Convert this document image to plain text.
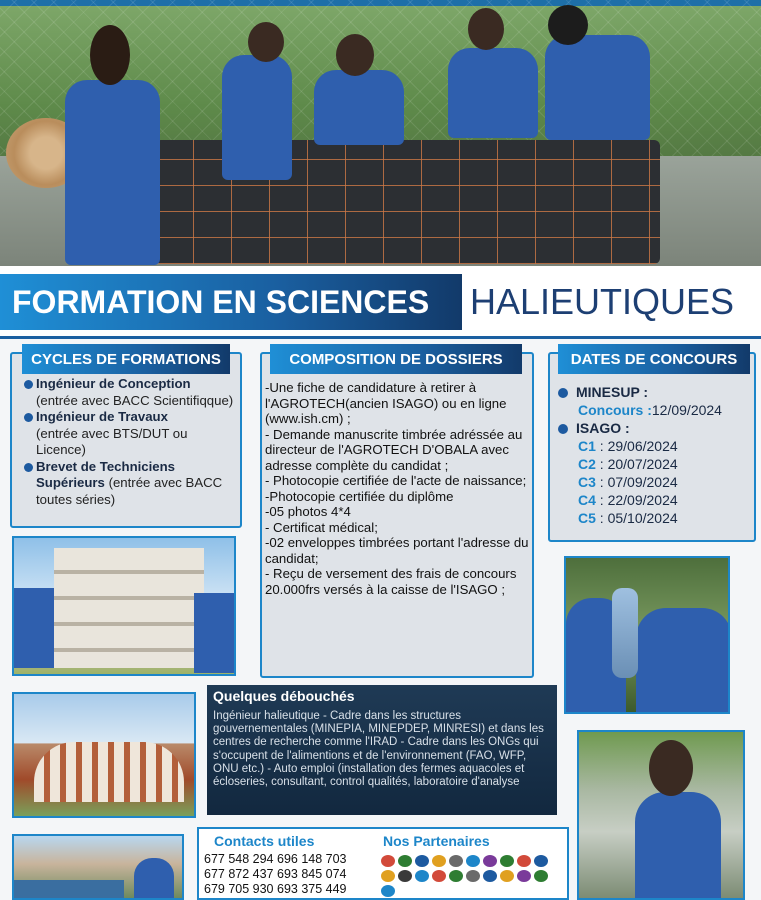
FORMATION EN SCIENCES	HALIEUTIQUES
CYCLES DE FORMATIONS
Ingénieur de Conception
(entrée avec BACC Scientifiqque)
Ingénieur de Travaux
(entrée avec BTS/DUT ou Licence)
Brevet de Techniciens Supérieurs (entrée avec BACC toutes séries)
COMPOSITION DE DOSSIERS
-Une fiche de candidature à retirer à l'AGROTECH(ancien ISAGO) ou en ligne (www.ish.cm) ;
- Demande manuscrite timbrée adréssée au directeur de l'AGROTECH D'OBALA avec adresse complète du candidat ;
- Photocopie certifiée de l'acte de naissance;
-Photocopie certifiée du diplôme
-05 photos 4*4
- Certificat médical;
-02 enveloppes timbrées portant l'adresse du candidat;
- Reçu de versement des frais de concours 20.000frs versés à la caisse de l'ISAGO ;
DATES DE CONCOURS
MINESUP :
Concours :12/09/2024
ISAGO :
C1 : 29/06/2024
C2 : 20/07/2024
C3 : 07/09/2024
C4 : 22/09/2024
C5 : 05/10/2024
Quelques débouchés
Ingénieur halieutique - Cadre dans les structures gouvernementales (MINEPIA, MINEPDEP, MINRESI) et dans les centres de recherche comme l'IRAD - Cadre dans les ONGs qui s'occupent de l'alimentions et de l'environnement (FAO, WFP, ONU etc.) - Auto emploi (installation des fermes aquacoles et écloseries, consultant, control qualités, laboratoire d'analyse
Contacts utiles	Nos Partenaires
677 548 294 696 148 703
677 872 437 693 845 074
679 705 930 693 375 449
